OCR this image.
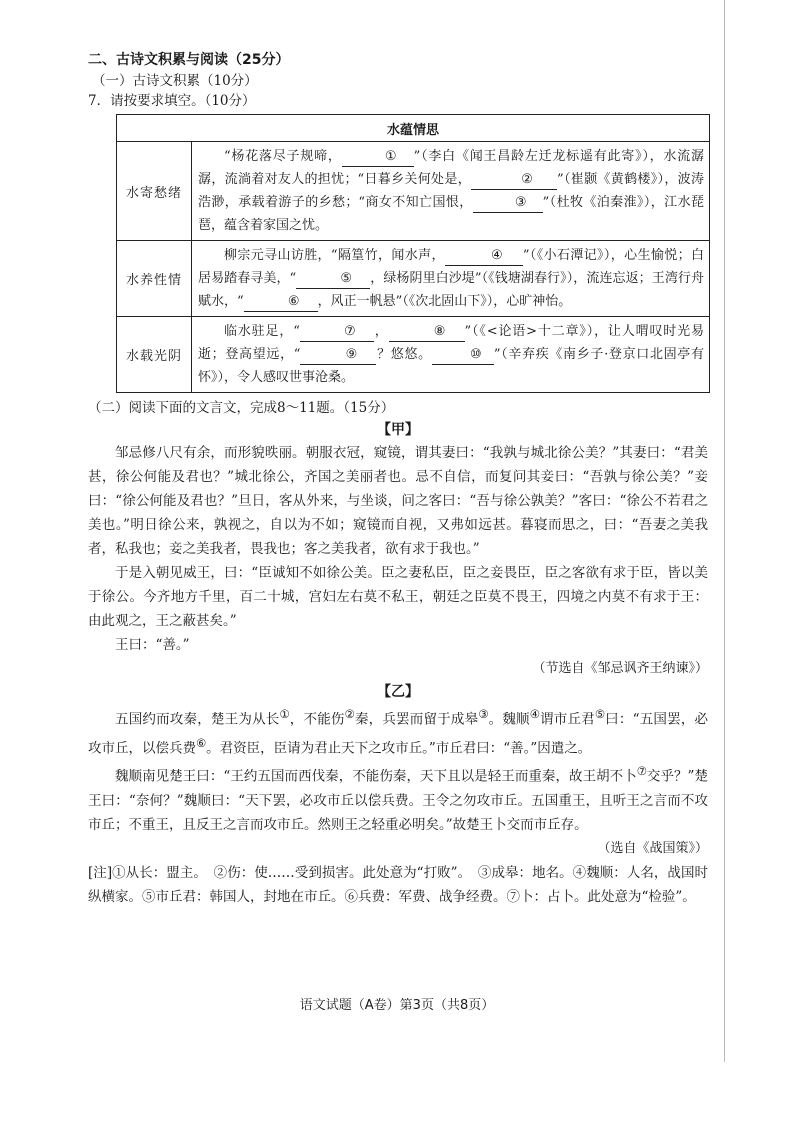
二、古诗文积累与阅读（25分）
（一）古诗文积累（10分）
7．请按要求填空。（10分）
水蕴情思	
水寄愁绪	“杨花落尽子规啼， ① ”（李白《闻王昌龄左迁龙标遥有此寄》），水流潺潺，流淌着对友人的担忧；“日暮乡关何处是， ② ”（崔颢《黄鹤楼》），波涛浩渺，承载着游子的乡愁；“商女不知亡国恨， ③ ”（杜牧《泊秦淮》），江水琵琶，蕴含着家国之忧。
水养性情	柳宗元寻山访胜，“隔篁竹，闻水声， ④ ”（《小石潭记》），心生愉悦；白居易踏春寻美，“ ⑤ ，绿杨阴里白沙堤”（《钱塘湖春行》），流连忘返；王湾行舟赋水，“ ⑥ ，风正一帆悬”（《次北固山下》），心旷神怡。
水载光阴	临水驻足，“ ⑦ ， ⑧ ”（《<论语>十二章》），让人喟叹时光易逝；登高望远，“ ⑨ ？悠悠。 ⑩ ”（辛弃疾《南乡子·登京口北固亭有怀》），令人感叹世事沧桑。
（二）阅读下面的文言文，完成8～11题。（15分）
【甲】

邹忌修八尺有余，而形貌昳丽。朝服衣冠，窥镜，谓其妻曰：“我孰与城北徐公美？”其妻曰：“君美甚，徐公何能及君也？”城北徐公，齐国之美丽者也。忌不自信，而复问其妾曰：“吾孰与徐公美？”妾曰：“徐公何能及君也？”旦日，客从外来，与坐谈，问之客曰：“吾与徐公孰美？”客曰：“徐公不若君之美也。”明日徐公来，孰视之，自以为不如；窥镜而自视，又弗如远甚。暮寝而思之，曰：“吾妻之美我者，私我也；妾之美我者，畏我也；客之美我者，欲有求于我也。”

于是入朝见威王，曰：“臣诚知不如徐公美。臣之妻私臣，臣之妾畏臣，臣之客欲有求于臣，皆以美于徐公。今齐地方千里，百二十城，宫妇左右莫不私王，朝廷之臣莫不畏王，四境之内莫不有求于王：由此观之，王之蔽甚矣。”

王曰：“善。”

（节选自《邹忌讽齐王纳谏》）
【乙】

五国约而攻秦，楚王为从长①，不能伤②秦，兵罢而留于成皋③。魏顺④谓市丘君⑤曰：“五国罢，必攻市丘，以偿兵费⑥。君资臣，臣请为君止天下之攻市丘。”市丘君曰：“善。”因遣之。

魏顺南见楚王曰：“王约五国而西伐秦，不能伤秦，天下且以是轻王而重秦，故王胡不卜⑦交乎？”楚王曰：“奈何？”魏顺曰：“天下罢，必攻市丘以偿兵费。王令之勿攻市丘。五国重王，且听王之言而不攻市丘；不重王，且反王之言而攻市丘。然则王之轻重必明矣。”故楚王卜交而市丘存。

（选自《战国策》）
[注]①从长：盟主。　②伤：使……受到损害。此处意为“打败”。　③成皋：地名。④魏顺：人名，战国时纵横家。⑤市丘君：韩国人，封地在市丘。⑥兵费：军费、战争经费。⑦卜：占卜。此处意为“检验”。
语文试题（A卷）第3页（共8页）
